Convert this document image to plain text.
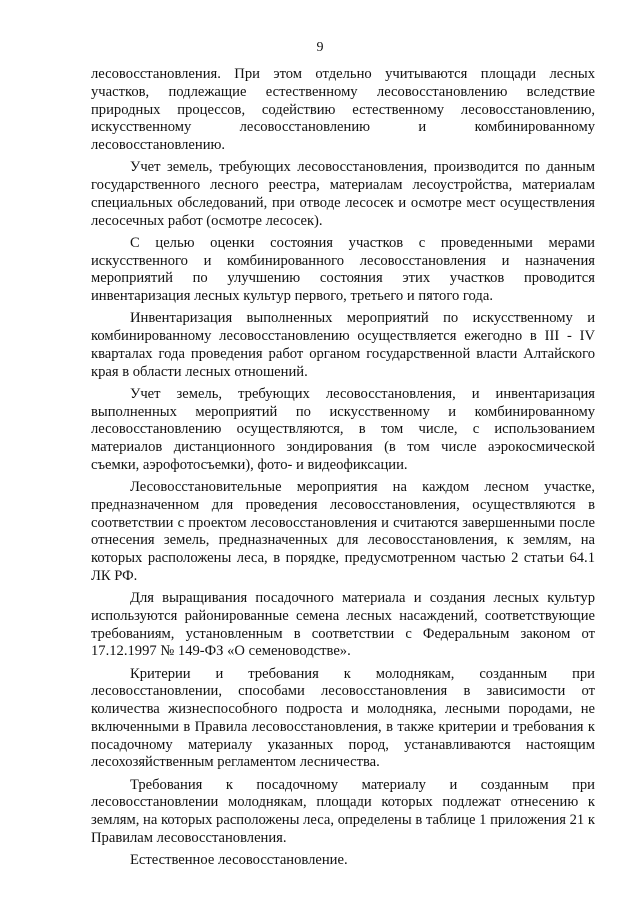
9

лесовосстановления. При этом отдельно учитываются площади лесных участков, подлежащие естественному лесовосстановлению вследствие природных процессов, содействию естественному лесовосстановлению, искусственному лесовосстановлению и комбинированному лесовосстановлению.

Учет земель, требующих лесовосстановления, производится по данным государственного лесного реестра, материалам лесоустройства, материалам специальных обследований, при отводе лесосек и осмотре мест осуществления лесосечных работ (осмотре лесосек).

С целью оценки состояния участков с проведенными мерами искусственного и комбинированного лесовосстановления и назначения мероприятий по улучшению состояния этих участков проводится инвентаризация лесных культур первого, третьего и пятого года.

Инвентаризация выполненных мероприятий по искусственному и комбинированному лесовосстановлению осуществляется ежегодно в III - IV кварталах года проведения работ органом государственной власти Алтайского края в области лесных отношений.

Учет земель, требующих лесовосстановления, и инвентаризация выполненных мероприятий по искусственному и комбинированному лесовосстановлению осуществляются, в том числе, с использованием материалов дистанционного зондирования (в том числе аэрокосмической съемки, аэрофотосъемки), фото- и видеофиксации.

Лесовосстановительные мероприятия на каждом лесном участке, предназначенном для проведения лесовосстановления, осуществляются в соответствии с проектом лесовосстановления и считаются завершенными после отнесения земель, предназначенных для лесовосстановления, к землям, на которых расположены леса, в порядке, предусмотренном частью 2 статьи 64.1 ЛК РФ.

Для выращивания посадочного материала и создания лесных культур используются районированные семена лесных насаждений, соответствующие требованиям, установленным в соответствии с Федеральным законом от 17.12.1997 № 149-ФЗ «О семеноводстве».

Критерии и требования к молоднякам, созданным при лесовосстановлении, способами лесовосстановления в зависимости от количества жизнеспособного подроста и молодняка, лесными породами, не включенными в Правила лесовосстановления, в также критерии и требования к посадочному материалу указанных пород, устанавливаются настоящим лесохозяйственным регламентом лесничества.

Требования к посадочному материалу и созданным при лесовосстановлении молоднякам, площади которых подлежат отнесению к землям, на которых расположены леса, определены в таблице 1 приложения 21 к Правилам лесовосстановления.

Естественное лесовосстановление.
